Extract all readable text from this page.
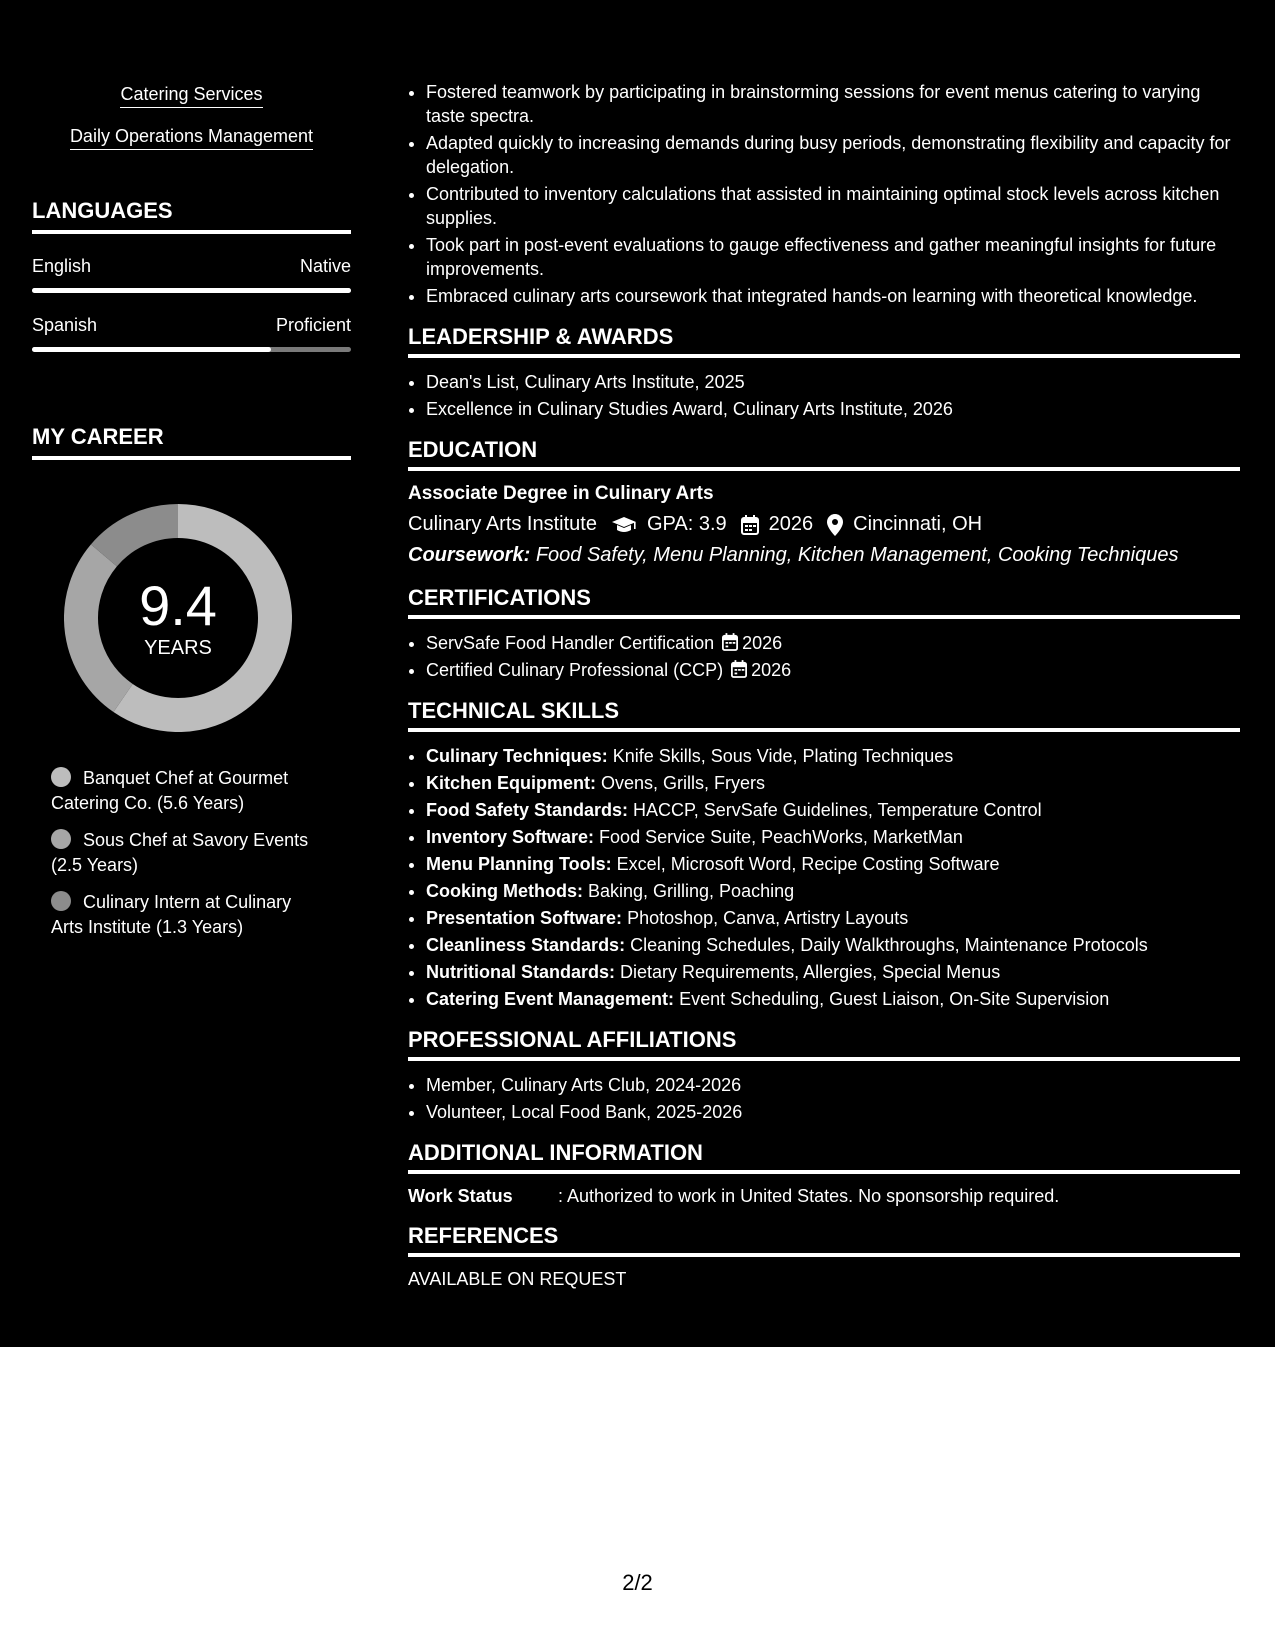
Catering Services
Daily Operations Management
LANGUAGES
English	Native
Spanish	Proficient
MY CAREER
9.4
YEARS
Banquet Chef at Gourmet Catering Co. (5.6 Years)
Sous Chef at Savory Events (2.5 Years)
Culinary Intern at Culinary Arts Institute (1.3 Years)
• Fostered teamwork by participating in brainstorming sessions for event menus catering to varying taste spectra.
• Adapted quickly to increasing demands during busy periods, demonstrating flexibility and capacity for delegation.
• Contributed to inventory calculations that assisted in maintaining optimal stock levels across kitchen supplies.
• Took part in post-event evaluations to gauge effectiveness and gather meaningful insights for future improvements.
• Embraced culinary arts coursework that integrated hands-on learning with theoretical knowledge.
LEADERSHIP & AWARDS
• Dean's List, Culinary Arts Institute, 2025
• Excellence in Culinary Studies Award, Culinary Arts Institute, 2026
EDUCATION
Associate Degree in Culinary Arts
Culinary Arts Institute	GPA: 3.9 2026 Cincinnati, OH
Coursework: Food Safety, Menu Planning, Kitchen Management, Cooking Techniques
CERTIFICATIONS
• ServSafe Food Handler Certification 2026
• Certified Culinary Professional (CCP) 2026
TECHNICAL SKILLS
• Culinary Techniques: Knife Skills, Sous Vide, Plating Techniques
• Kitchen Equipment: Ovens, Grills, Fryers
• Food Safety Standards: HACCP, ServSafe Guidelines, Temperature Control
• Inventory Software: Food Service Suite, PeachWorks, MarketMan
• Menu Planning Tools: Excel, Microsoft Word, Recipe Costing Software
• Cooking Methods: Baking, Grilling, Poaching
• Presentation Software: Photoshop, Canva, Artistry Layouts
• Cleanliness Standards: Cleaning Schedules, Daily Walkthroughs, Maintenance Protocols
• Nutritional Standards: Dietary Requirements, Allergies, Special Menus
• Catering Event Management: Event Scheduling, Guest Liaison, On-Site Supervision
PROFESSIONAL AFFILIATIONS
• Member, Culinary Arts Club, 2024-2026
• Volunteer, Local Food Bank, 2025-2026
ADDITIONAL INFORMATION
Work Status	: Authorized to work in United States. No sponsorship required.
REFERENCES
AVAILABLE ON REQUEST
2/2
